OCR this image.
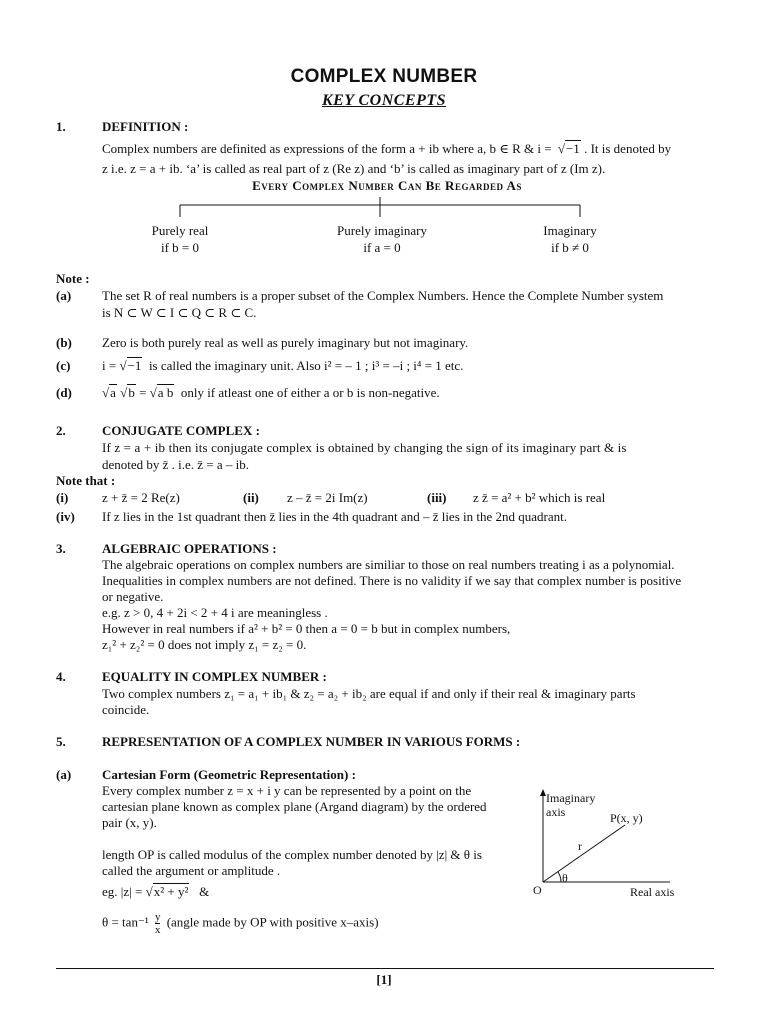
COMPLEX NUMBER
KEY CONCEPTS
1.	DEFINITION :
Complex numbers are definited as expressions of the form a + ib where a, b ∈ R & i = √−1 . It is denoted by
z i.e. z = a + ib. ‘a’ is called as real part of z (Re z) and ‘b’ is called as imaginary part of z (Im z).
Every Complex Number Can Be Regarded As
Purely real
if b = 0
Purely imaginary
if a = 0
Imaginary
if b ≠ 0
Note :
(a) The set R of real numbers is a proper subset of the Complex Numbers. Hence the Complete Number system
is N ⊂ W ⊂ I ⊂ Q ⊂ R ⊂ C.
(b) Zero is both purely real as well as purely imaginary but not imaginary.
(c) i = √−1 is called the imaginary unit. Also i² = – 1 ; i³ = –i ; i⁴ = 1 etc.
(d) √a √b = √a b only if atleast one of either a or b is non-negative.
2.	CONJUGATE COMPLEX :
If z = a + ib then its conjugate complex is obtained by changing the sign of its imaginary part & is
denoted by z̄ . i.e. z̄ = a – ib.
Note that :
(i)	z + z̄ = 2 Re(z)	(ii) z – z̄ = 2i Im(z)	(iii) z z̄ = a² + b² which is real
(iv) If z lies in the 1st quadrant then z̄ lies in the 4th quadrant and – z̄ lies in the 2nd quadrant.
3.	ALGEBRAIC OPERATIONS :
The algebraic operations on complex numbers are similiar to those on real numbers treating i as a polynomial.
Inequalities in complex numbers are not defined. There is no validity if we say that complex number is positive
or negative.
e.g. z > 0, 4 + 2i < 2 + 4 i are meaningless .
However in real numbers if a² + b² = 0 then a = 0 = b but in complex numbers,
z₁² + z₂² = 0 does not imply z₁ = z₂ = 0.
4.	EQUALITY IN COMPLEX NUMBER :
Two complex numbers z₁ = a₁ + ib₁ & z₂ = a₂ + ib₂ are equal if and only if their real & imaginary parts
coincide.
5.	REPRESENTATION OF A COMPLEX NUMBER IN VARIOUS FORMS :
(a) Cartesian Form (Geometric Representation) :
Every complex number z = x + i y can be represented by a point on the
cartesian plane known as complex plane (Argand diagram) by the ordered
pair (x, y).
length OP is called modulus of the complex number denoted by |z| & θ is
called the argument or amplitude .
eg. |z| = √x² + y² &
$\theta = \tan^{-1} \frac{y}{x}$ (angle made by OP with positive x–axis)
Imaginary
axis	P(x, y)
r
θ
O	Real axis
[1]
